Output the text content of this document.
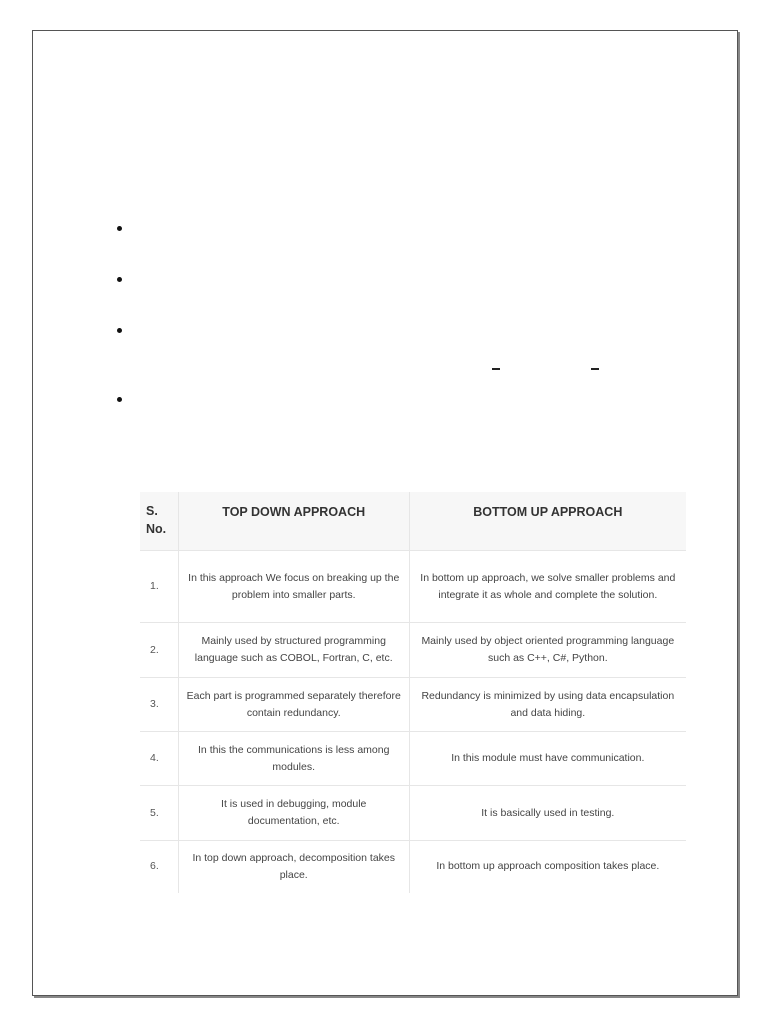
S. No.	TOP DOWN APPROACH	BOTTOM UP APPROACH
1.	In this approach We focus on breaking up the problem into smaller parts.	In bottom up approach, we solve smaller problems and integrate it as whole and complete the solution.
2.	Mainly used by structured programming language such as COBOL, Fortran, C, etc.	Mainly used by object oriented programming language such as C++, C#, Python.
3.	Each part is programmed separately therefore contain redundancy.	Redundancy is minimized by using data encapsulation and data hiding.
4.	In this the communications is less among modules.	In this module must have communication.
5.	It is used in debugging, module documentation, etc.	It is basically used in testing.
6.	In top down approach, decomposition takes place.	In bottom up approach composition takes place.
